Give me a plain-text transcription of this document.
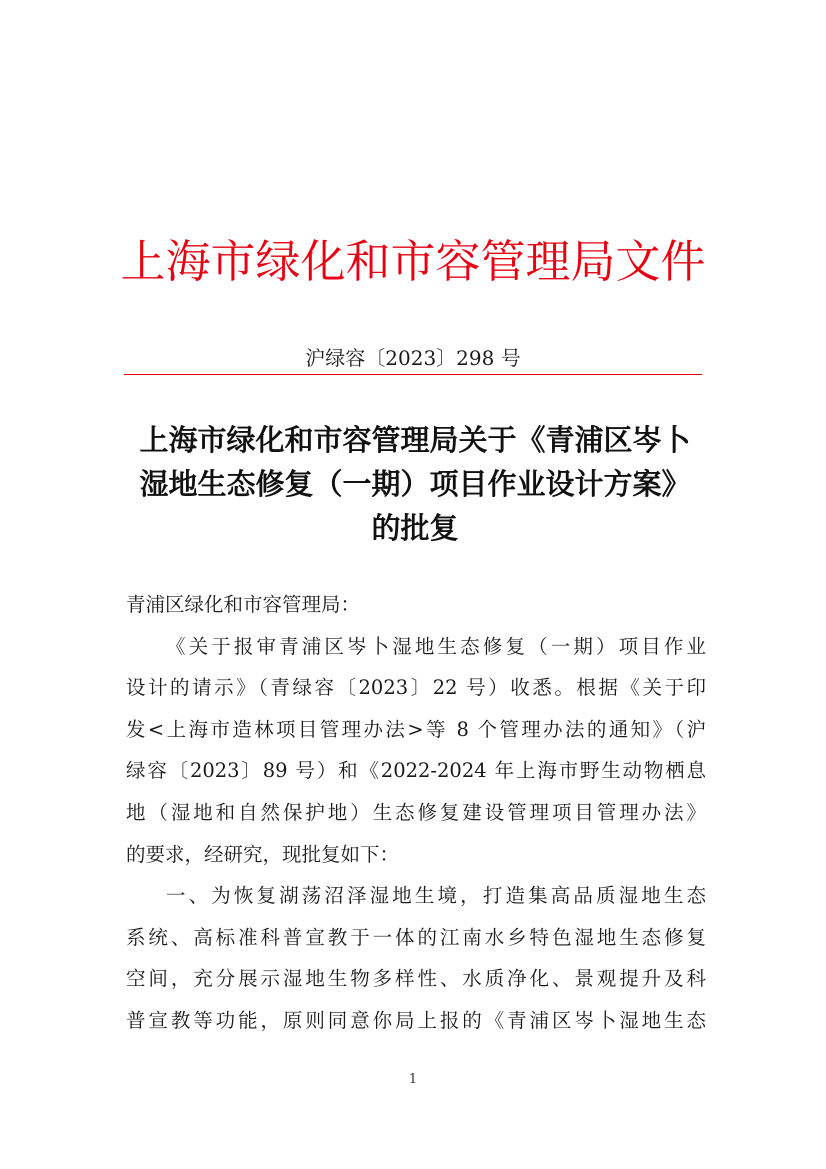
上海市绿化和市容管理局文件
沪绿容〔2023〕298 号
上海市绿化和市容管理局关于《青浦区岑卜
湿地生态修复（一期）项目作业设计方案》
的批复
青浦区绿化和市容管理局：
《关于报审青浦区岑卜湿地生态修复（一期）项目作业
设计的请示》（青绿容〔2023〕22 号）收悉。根据《关于印
发<上海市造林项目管理办法>等 8 个管理办法的通知》（沪
绿容〔2023〕89 号）和《2022-2024 年上海市野生动物栖息
地（湿地和自然保护地）生态修复建设管理项目管理办法》
的要求，经研究，现批复如下：
一、为恢复湖荡沼泽湿地生境，打造集高品质湿地生态
系统、高标准科普宣教于一体的江南水乡特色湿地生态修复
空间，充分展示湿地生物多样性、水质净化、景观提升及科
普宣教等功能，原则同意你局上报的《青浦区岑卜湿地生态
1
